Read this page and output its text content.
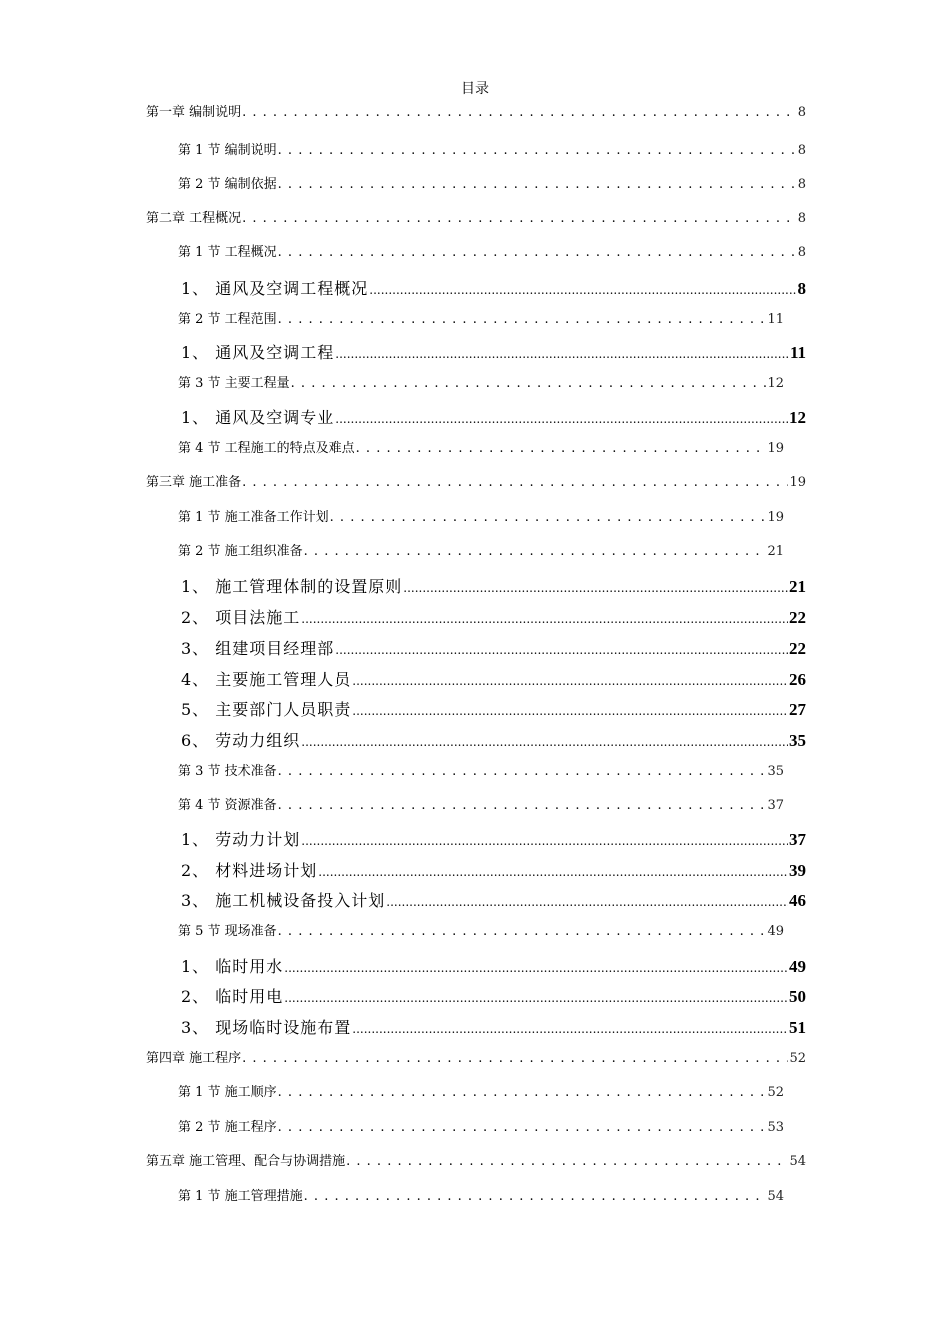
目录
第一章 编制说明 . . .	8
第 1 节 编制说明 . . .	8
第 2 节 编制依据 . . .	8
第二章 工程概况 . . .	8
第 1 节 工程概况 . . .	8
1、 通风及空调工程概况 .....	8
第 2 节 工程范围 . . .	11
1、 通风及空调工程 .....	11
第 3 节 主要工程量 . . .	12
1、 通风及空调专业 .....	12
第 4 节 工程施工的特点及难点 . . .	19
第三章 施工准备 . . .	19
第 1 节 施工准备工作计划 . . .	19
第 2 节 施工组织准备 . . .	21
1、 施工管理体制的设置原则 .....	21
2、 项目法施工 .....	22
3、 组建项目经理部 .....	22
4、 主要施工管理人员 .....	26
5、 主要部门人员职责 .....	27
6、 劳动力组织 .....	35
第 3 节 技术准备 . . .	35
第 4 节 资源准备 . . .	37
1、 劳动力计划 .....	37
2、 材料进场计划 .....	39
3、 施工机械设备投入计划 .....	46
第 5 节 现场准备 . . .	49
1、 临时用水 .....	49
2、 临时用电 .....	50
3、 现场临时设施布置 .....	51
第四章 施工程序 . . .	52
第 1 节 施工顺序 . . .	52
第 2 节 施工程序 . . .	53
第五章 施工管理、配合与协调措施 . . .	54
第 1 节 施工管理措施 . . .	54
